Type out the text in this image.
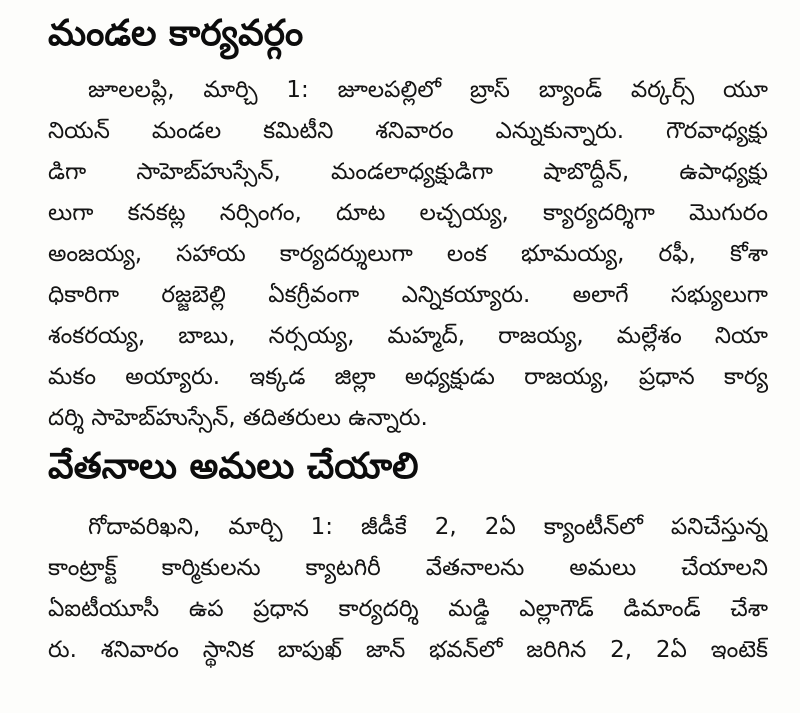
మండల కార్యవర్గం
జూలలప్లి, మార్చి 1: జూలపల్లిలో బ్రాస్ బ్యాండ్ వర్కర్స్ యూ
నియన్ మండల కమిటీని శనివారం ఎన్నుకున్నారు. గౌరవాధ్యక్షు
డిగా సాహెబ్‌హుస్సేన్, మండలాధ్యక్షుడిగా షాబొద్దీన్, ఉపాధ్యక్షు
లుగా కనకట్ల నర్సింగం, దూట లచ్చయ్య, క్యార్యదర్శిగా మొగురం
అంజయ్య, సహాయ కార్యదర్శులుగా లంక భూమయ్య, రఫీ, కోశా
ధికారిగా రజ్జబెల్లి ఏకగ్రీవంగా ఎన్నికయ్యారు. అలాగే సభ్యులుగా
శంకరయ్య, బాబు, నర్సయ్య, మహ్మద్, రాజయ్య, మల్లేశం నియా
మకం అయ్యారు. ఇక్కడ జిల్లా అధ్యక్షుడు రాజయ్య, ప్రధాన కార్య
దర్శి సాహెబ్‌హుస్సేన్, తదితరులు ఉన్నారు.
వేతనాలు అమలు చేయాలి
గోదావరిఖని, మార్చి 1: జీడీకే 2, 2ఏ క్యాంటీన్‌లో పనిచేస్తున్న
కాంట్రాక్ట్ కార్మికులను క్యాటగిరీ వేతనాలను అమలు చేయాలని
ఏఐటీయూసీ ఉప ప్రధాన కార్యదర్శి మడ్డి ఎల్లాగౌడ్ డిమాండ్ చేశా
రు. శనివారం స్థానిక బాపుఖ్ జాన్ భవన్‌లో జరిగిన 2, 2ఏ ఇంటెక్
